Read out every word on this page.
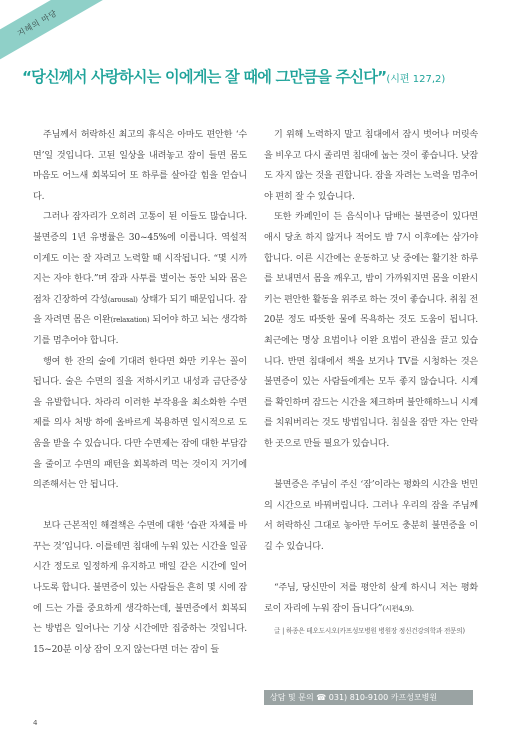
지혜의 마당
“당신께서 사랑하시는 이에게는 잘 때에 그만큼을 주신다”(시편 127,2)

주님께서 허락하신 최고의 휴식은 아마도 편안한 ‘수면’일 것입니다. 고된 일상을 내려놓고 잠이 들면 몸도 마음도 어느새 회복되어 또 하루를 살아갈 힘을 얻습니다.

그러나 잠자리가 오히려 고통이 된 이들도 많습니다. 불면증의 1년 유병률은 30~45%에 이릅니다. 역설적이게도 이는 잘 자려고 노력할 때 시작됩니다. “몇 시까지는 자야 한다.”며 잠과 사투를 벌이는 동안 뇌와 몸은 점차 긴장하여 각성(arousal) 상태가 되기 때문입니다. 잠을 자려면 몸은 이완(relaxation) 되어야 하고 뇌는 생각하기를 멈추어야 합니다.

행여 한 잔의 술에 기대려 한다면 화만 키우는 꼴이 됩니다. 술은 수면의 질을 저하시키고 내성과 금단증상을 유발합니다. 차라리 이러한 부작용을 최소화한 수면제를 의사 처방 하에 올바르게 복용하면 일시적으로 도움을 받을 수 있습니다. 다만 수면제는 잠에 대한 부담감을 줄이고 수면의 패턴을 회복하려 먹는 것이지 거기에 의존해서는 안 됩니다.

보다 근본적인 해결책은 수면에 대한 ‘습관 자체를 바꾸는 것’입니다. 이를테면 침대에 누워 있는 시간을 일곱 시간 정도로 일정하게 유지하고 매일 같은 시간에 일어나도록 합니다. 불면증이 있는 사람들은 흔히 몇 시에 잠에 드는 가를 중요하게 생각하는데, 불면증에서 회복되는 방법은 일어나는 기상 시간에만 집중하는 것입니다. 15~20분 이상 잠이 오지 않는다면 더는 잠이 들

기 위해 노력하지 말고 침대에서 잠시 벗어나 머릿속을 비우고 다시 졸리면 침대에 눕는 것이 좋습니다. 낮잠도 자지 않는 것을 권합니다. 잠을 자려는 노력을 멈추어야 편히 잘 수 있습니다.

또한 카페인이 든 음식이나 담배는 불면증이 있다면 애시 당초 하지 않거나 적어도 밤 7시 이후에는 삼가야 합니다. 이른 시간에는 운동하고 낮 중에는 활기찬 하루를 보내면서 몸을 깨우고, 밤이 가까워지면 몸을 이완시키는 편안한 활동을 위주로 하는 것이 좋습니다. 취침 전 20분 정도 따뜻한 물에 목욕하는 것도 도움이 됩니다. 최근에는 명상 요법이나 이완 요법이 관심을 끌고 있습니다. 반면 침대에서 책을 보거나 TV를 시청하는 것은 불면증이 있는 사람들에게는 모두 좋지 않습니다. 시계를 확인하며 잠드는 시간을 체크하며 불안해하느니 시계를 치워버리는 것도 방법입니다. 침실을 잠만 자는 안락한 곳으로 만들 필요가 있습니다.

불면증은 주님이 주신 ‘잠’이라는 평화의 시간을 번민의 시간으로 바꿔버립니다. 그러나 우리의 잠을 주님께서 허락하신 그대로 놓아만 두어도 충분히 불면증을 이길 수 있습니다.

“주님, 당신만이 저를 평안히 살게 하시니 저는 평화로이 자리에 누워 잠이 듭니다”(시편4,9).

글 | 하종은 테오도시오(카프성모병원 병원장 정신건강의학과 전문의)
상담 및 문의 ☎ 031) 810-9100 카프성모병원
4
